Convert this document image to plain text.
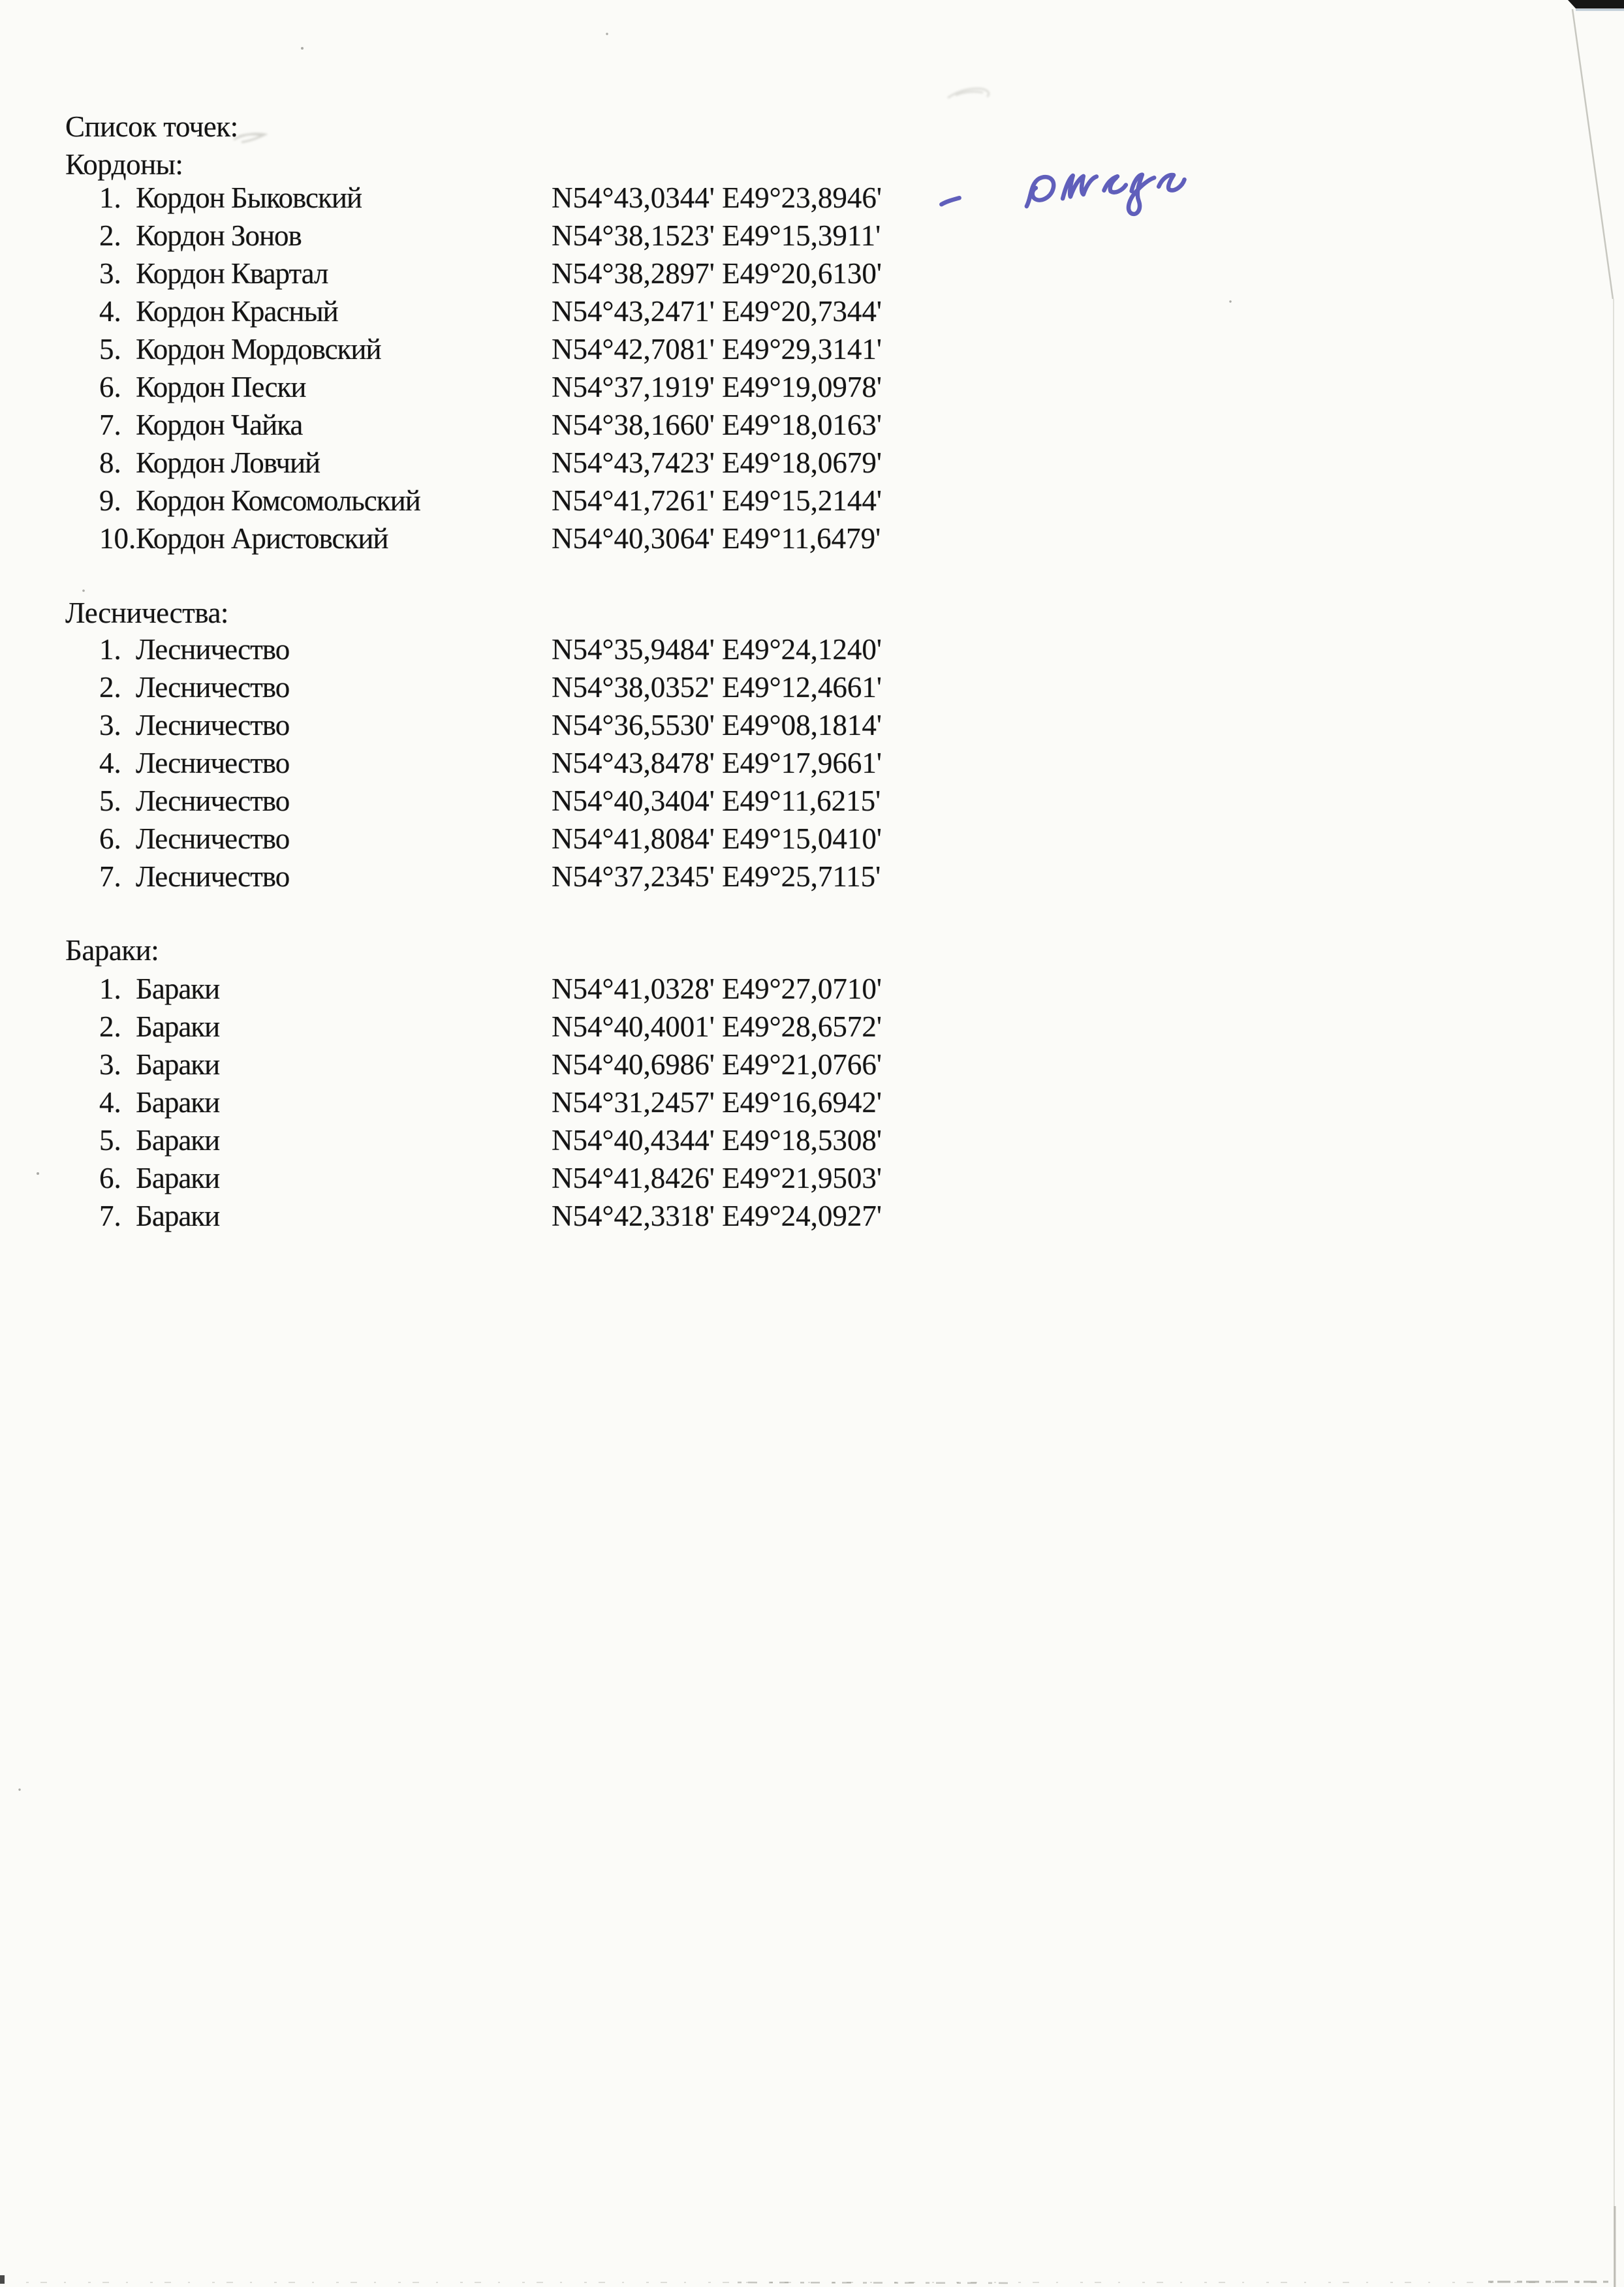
Список точек:
Кордоны:
1. Кордон Быковский	N54°43,0344' E49°23,8946'
2. Кордон Зонов	N54°38,1523' E49°15,3911'
3. Кордон Квартал	N54°38,2897' E49°20,6130'
4. Кордон Красный	N54°43,2471' E49°20,7344'
5. Кордон Мордовский	N54°42,7081' E49°29,3141'
6. Кордон Пески	N54°37,1919' E49°19,0978'
7. Кордон Чайка	N54°38,1660' E49°18,0163'
8. Кордон Ловчий	N54°43,7423' E49°18,0679'
9. Кордон Комсомольский	N54°41,7261' E49°15,2144'
10. Кордон Аристовский	N54°40,3064' E49°11,6479'
Лесничества:
1. Лесничество	N54°35,9484' E49°24,1240'
2. Лесничество	N54°38,0352' E49°12,4661'
3. Лесничество	N54°36,5530' E49°08,1814'
4. Лесничество	N54°43,8478' E49°17,9661'
5. Лесничество	N54°40,3404' E49°11,6215'
6. Лесничество	N54°41,8084' E49°15,0410'
7. Лесничество	N54°37,2345' E49°25,7115'
Бараки:
1. Бараки	N54°41,0328' E49°27,0710'
2. Бараки	N54°40,4001' E49°28,6572'
3. Бараки	N54°40,6986' E49°21,0766'
4. Бараки	N54°31,2457' E49°16,6942'
5. Бараки	N54°40,4344' E49°18,5308'
6. Бараки	N54°41,8426' E49°21,9503'
7. Бараки	N54°42,3318' E49°24,0927'
